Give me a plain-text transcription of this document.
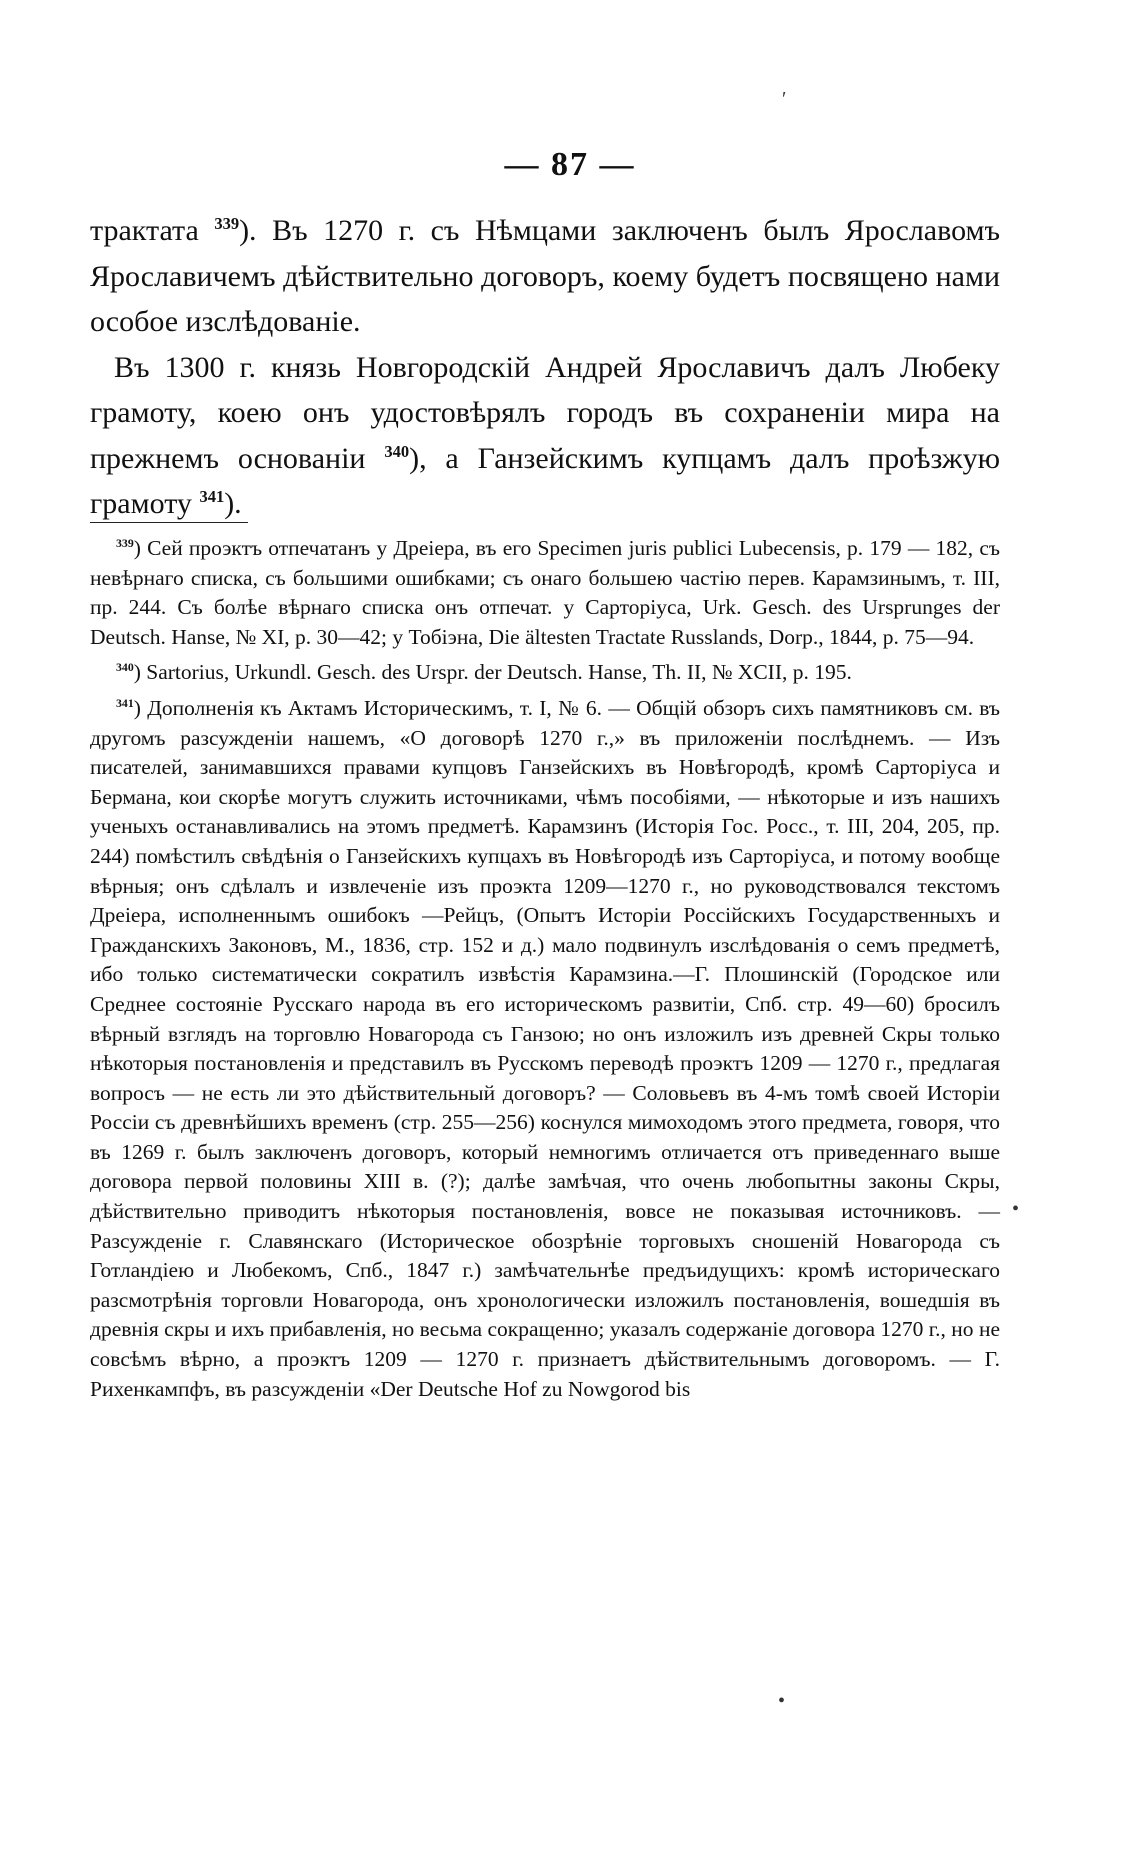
— 87 —

трактата $^{339}$). Въ 1270 г. съ Нѣмцами заключенъ былъ Ярославомъ Ярославичемъ дѣйствительно договоръ, коему будетъ посвящено нами особое изслѣдованіе.

Въ 1300 г. князь Новгородскій Андрей Ярославичъ далъ Любеку грамоту, коею онъ удостовѣрялъ городъ въ сохраненіи мира на прежнемъ основаніи $^{340}$), а Ганзейскимъ купцамъ далъ проѣзжую грамоту $^{341}$).

$^{339}$) Сей проэктъ отпечатанъ у Дреіера, въ его Specimen juris publici Lubecensis, p. 179 — 182, съ невѣрнаго списка, съ большими ошибками; съ онаго большею частію перев. Карамзинымъ, т. III, пр. 244. Съ болѣе вѣрнаго списка онъ отпечат. у Сарторіуса, Urk. Gesch. des Ursprunges der Deutsch. Hanse, № XI, p. 30—42; у Тобіэна, Die ältesten Tractate Russlands, Dorp., 1844, p. 75—94.

$^{340}$) Sartorius, Urkundl. Gesch. des Urspr. der Deutsch. Hanse, Th. II, № XCII, p. 195.

$^{341}$) Дополненія къ Актамъ Историческимъ, т. I, № 6. — Общій обзоръ сихъ памятниковъ см. въ другомъ разсужденіи нашемъ, «О договорѣ 1270 г.,» въ приложеніи послѣднемъ. — Изъ писателей, занимавшихся правами купцовъ Ганзейскихъ въ Новѣгородѣ, кромѣ Сарторіуса и Бермана, кои скорѣе могутъ служить источниками, чѣмъ пособіями, — нѣкоторые и изъ нашихъ ученыхъ останавливались на этомъ предметѣ. Карамзинъ (Исторія Гос. Росс., т. III, 204, 205, пр. 244) помѣстилъ свѣдѣнія о Ганзейскихъ купцахъ въ Новѣгородѣ изъ Сарторіуса, и потому вообще вѣрныя; онъ сдѣлалъ и извлеченіе изъ проэкта 1209—1270 г., но руководствовался текстомъ Дреіера, исполненнымъ ошибокъ —Рейцъ, (Опытъ Исторіи Россійскихъ Государственныхъ и Гражданскихъ Законовъ, М., 1836, стр. 152 и д.) мало подвинулъ изслѣдованія о семъ предметѣ, ибо только систематически сократилъ извѣстія Карамзина.—Г. Плошинскій (Городское или Среднее состояніе Русскаго народа въ его историческомъ развитіи, Спб. стр. 49—60) бросилъ вѣрный взглядъ на торговлю Новагорода съ Ганзою; но онъ изложилъ изъ древней Скры только нѣкоторыя постановленія и представилъ въ Русскомъ переводѣ проэктъ 1209 — 1270 г., предлагая вопросъ — не есть ли это дѣйствительный договоръ? — Соловьевъ въ 4-мъ томѣ своей Исторіи Россіи съ древнѣйшихъ временъ (стр. 255—256) коснулся мимоходомъ этого предмета, говоря, что въ 1269 г. былъ заключенъ договоръ, который немногимъ отличается отъ приведеннаго выше договора первой половины XIII в. (?); далѣе замѣчая, что очень любопытны законы Скры, дѣйствительно приводитъ нѣкоторыя постановленія, вовсе не показывая источниковъ. — Разсужденіе г. Славянскаго (Историческое обозрѣніе торговыхъ сношеній Новагорода съ Готландіею и Любекомъ, Спб., 1847 г.) замѣчательнѣе предъидущихъ: кромѣ историческаго разсмотрѣнія торговли Новагорода, онъ хронологически изложилъ постановленія, вошедшія въ древнія скры и ихъ прибавленія, но весьма сокращенно; указалъ содержаніе договора 1270 г., но не совсѣмъ вѣрно, а проэктъ 1209 — 1270 г. признаетъ дѣйствительнымъ договоромъ. — Г. Рихенкампфъ, въ разсужденіи «Der Deutsche Hof zu Nowgorod bis

′
•
•
